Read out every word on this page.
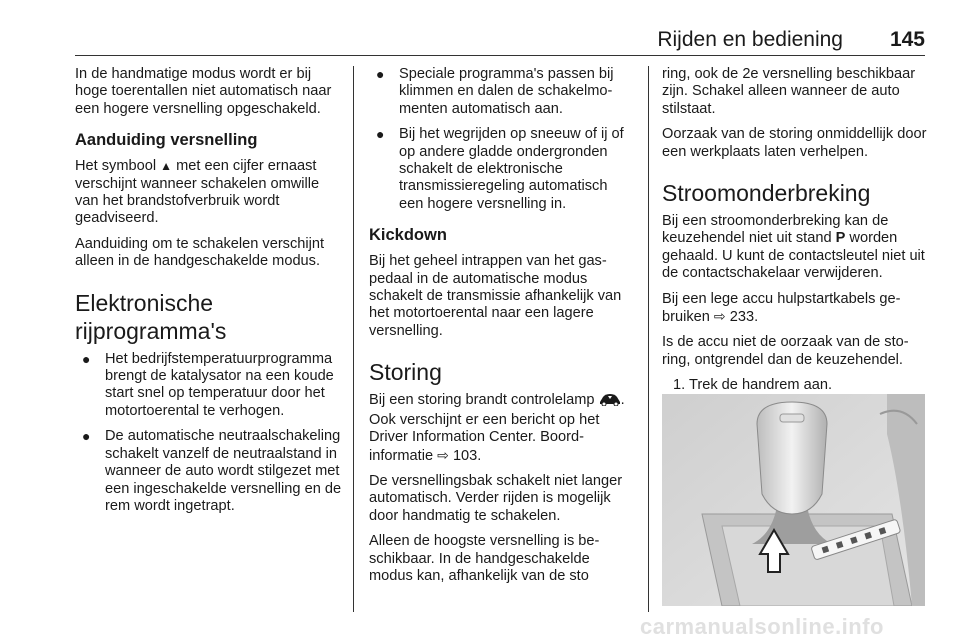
Rijden en bediening 145

In de handmatige modus wordt er bij hoge toerentallen niet automatisch naar een hogere versnelling opgeschakeld.

Aanduiding versnelling

Het symbool ▲ met een cijfer ernaast verschijnt wanneer schakelen omwille van het brandstofverbruik wordt geadviseerd.

Aanduiding om te schakelen verschijnt alleen in de handgeschakelde modus.

Elektronische rijprogramma's
● Het bedrijfstemperatuurprogramma brengt de katalysator na een koude start snel op temperatuur door het motortoerental te verhogen.
● De automatische neutraalschakeling schakelt vanzelf de neutraalstand in wanneer de auto wordt stilgezet met een ingeschakelde versnelling en de rem wordt ingetrapt.
● Speciale programma's passen bij klimmen en dalen de schakelmomenten automatisch aan.
● Bij het wegrijden op sneeuw of ij of op andere gladde ondergronden schakelt de elektronische transmissieregeling automatisch een hogere versnelling in.
Kickdown

Bij het geheel intrappen van het gaspedaal in de automatische modus schakelt de transmissie afhankelijk van het motortoerental naar een lagere versnelling.

Storing

Bij een storing brandt controlelamp . Ook verschijnt er een bericht op het Driver Information Center. Boordinformatie ⇨ 103.

De versnellingsbak schakelt niet langer automatisch. Verder rijden is mogelijk door handmatig te schakelen.

Alleen de hoogste versnelling is beschikbaar. In de handgeschakelde modus kan, afhankelijk van de sto

ring, ook de 2e versnelling beschikbaar zijn. Schakel alleen wanneer de auto stilstaat.

Oorzaak van de storing onmiddellijk door een werkplaats laten verhelpen.

Stroomonderbreking

Bij een stroomonderbreking kan de keuzehendel niet uit stand P worden gehaald. U kunt de contactsleutel niet uit de contactschakelaar verwijderen.

Bij een lege accu hulpstartkabels gebruiken ⇨ 233.

Is de accu niet de oorzaak van de storing, ontgrendel dan de keuzehendel.

1. Trek de handrem aan.
carmanualsonline.info
